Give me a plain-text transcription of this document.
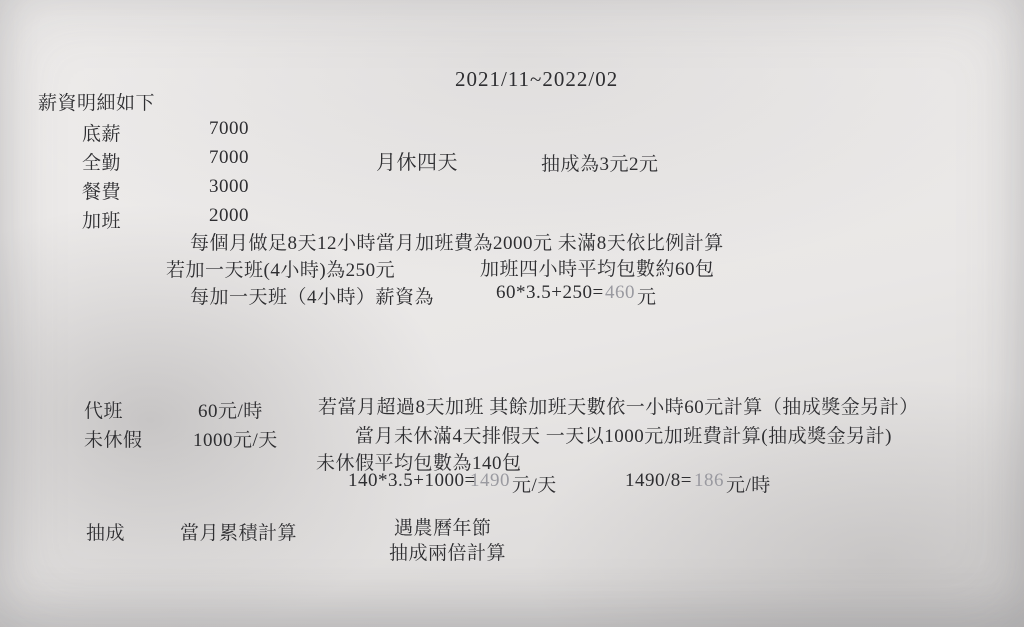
2021/11~2022/02
薪資明細如下
底薪	7000
全勤	7000
餐費	3000
加班	2000
月休四天	抽成為3元2元
每個月做足8天12小時當月加班費為2000元 未滿8天依比例計算
若加一天班(4小時)為250元	加班四小時平均包數約60包
每加一天班（4小時）薪資為	60*3.5+250= 460 元
代班	60元/時	若當月超過8天加班 其餘加班天數依一小時60元計算（抽成獎金另計）
未休假	1000元/天	當月未休滿4天排假天 一天以1000元加班費計算(抽成獎金另計)
未休假平均包數為140包
140*3.5+1000=
1490 元/天	1490/8= 186 元/時
抽成	當月累積計算	遇農曆年節
抽成兩倍計算
